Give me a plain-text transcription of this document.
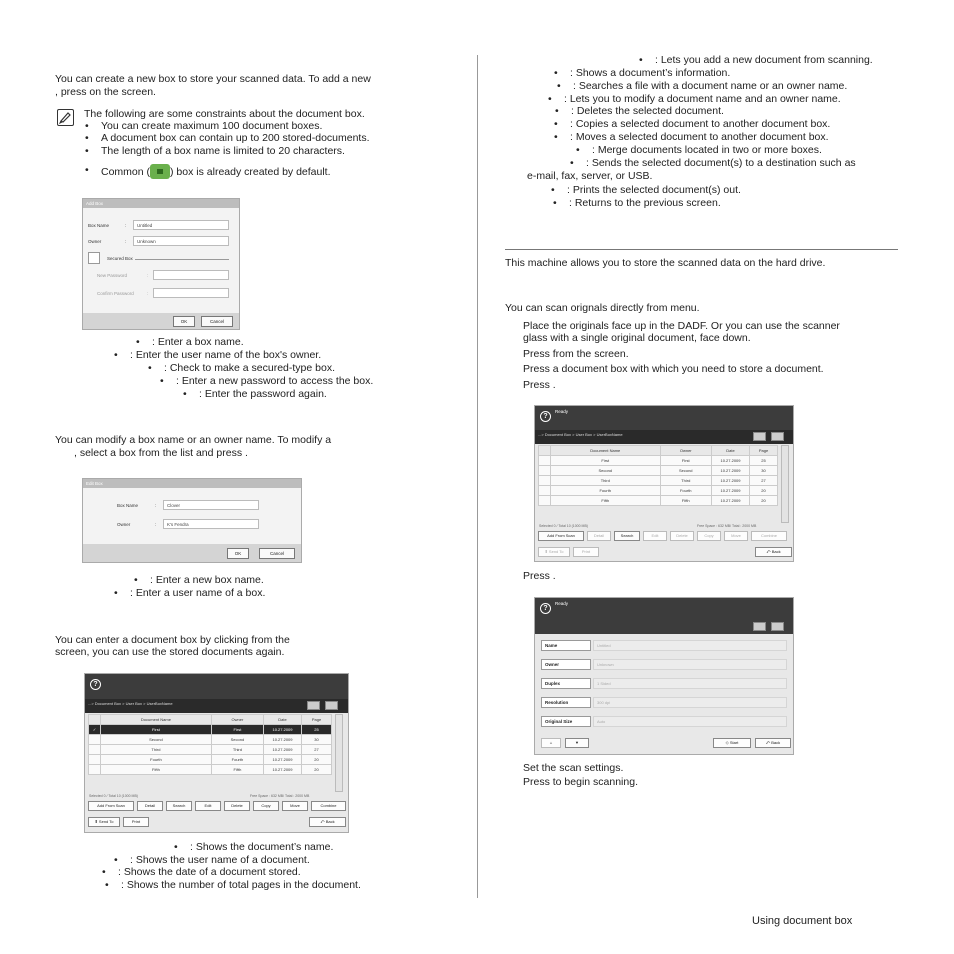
You can create a new box to store your scanned data. To add a new
, press on the screen.
The following are some constraints about the document box.
• You can create maximum 100 document boxes.
• A document box can contain up to 200 stored-documents.
• The length of a box name is limited to 20 characters.
• Common ( ) box is already created by default.
Add Box
Box Name	:	Untitled
Owner	:	Unknown
Secured Box
New Password	:
Confirm Password	:
OK	Cancel
• : Enter a box name.
• : Enter the user name of the box's owner.
• : Check to make a secured-type box.
• : Enter a new password to access the box.
• : Enter the password again.
You can modify a box name or an owner name. To modify a
, select a box from the list and press .
Edit Box
Box Name	:	Clover
Owner	:	K's Fendra
OK	Cancel
• : Enter a new box name.
• : Enter a user name of a box.
You can enter a document box by clicking from the
screen, you can use the stored documents again.
?
...> Document Box > User Box > UserBoxName
	Document Name	Owner	Date	Page
✓	First	First	10.27.2009	25
	Second	Second	10.27.2009	30
	Third	Third	10.27.2009	27
	Fourth	Fourth	10.27.2009	20
	Fifth	Fifth	10.27.2009	20
Selected 0 / Total 10 (1000 MB)	Free Space : 632 MB/ Total : 2000 MB
Add From Scan	Detail	Search	Edit	Delete	Copy	Move	Combine
⬆ Send To	Print	⤺ Back
• : Shows the document’s name.
• : Shows the user name of a document.
• : Shows the date of a document stored.
• : Shows the number of total pages in the document.
• : Lets you add a new document from scanning.
• : Shows a document’s information.
• : Searches a file with a document name or an owner name.
• : Lets you to modify a document name and an owner name.
• : Deletes the selected document.
• : Copies a selected document to another document box.
• : Moves a selected document to another document box.
• : Merge documents located in two or more boxes.
• : Sends the selected document(s) to a destination such as
e-mail, fax, server, or USB.
• : Prints the selected document(s) out.
• : Returns to the previous screen.
This machine allows you to store the scanned data on the hard drive.
You can scan orignals directly from menu.
Place the originals face up in the DADF. Or you can use the scanner
glass with a single original document, face down.
Press from the screen.
Press a document box with which you need to store a document.
Press .
?
Ready
...> Document Box > User Box > UserBoxName
	Document Name	Owner	Date	Page
	First	First	10.27.2009	25
	Second	Second	10.27.2009	30
	Third	Third	10.27.2009	27
	Fourth	Fourth	10.27.2009	20
	Fifth	Fifth	10.27.2009	20
Selected 0 / Total 10 (1000 MB)	Free Space : 632 MB/ Total : 2000 MB
Add From Scan	Detail	Search	Edit	Delete	Copy	Move	Combine
⬆ Send To	Print	⤺ Back
Press .
?
Ready
Name	Untitled
Owner	Unknown
Duplex	1 Sided
Resolution	300 dpi
Original Size	Auto
▲	▼	◇ Start	⤺ Back
Set the scan settings.
Press to begin scanning.
Using document box
